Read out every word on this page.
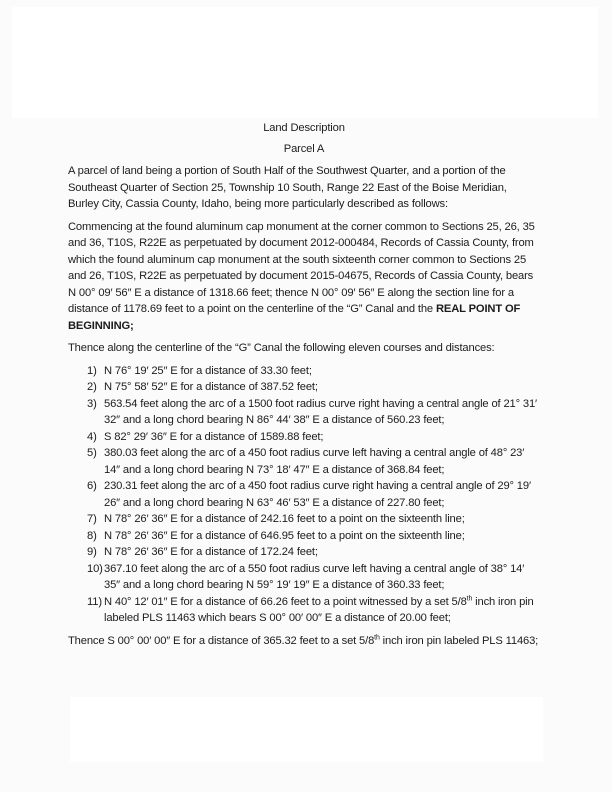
Land Description
Parcel A

A parcel of land being a portion of South Half of the Southwest Quarter, and a portion of the Southeast Quarter of Section 25, Township 10 South, Range 22 East of the Boise Meridian, Burley City, Cassia County, Idaho, being more particularly described as follows:

Commencing at the found aluminum cap monument at the corner common to Sections 25, 26, 35 and 36, T10S, R22E as perpetuated by document 2012-000484, Records of Cassia County, from which the found aluminum cap monument at the south sixteenth corner common to Sections 25 and 26, T10S, R22E as perpetuated by document 2015-04675, Records of Cassia County, bears N 00° 09′ 56″ E a distance of 1318.66 feet; thence N 00° 09′ 56″ E along the section line for a distance of 1178.69 feet to a point on the centerline of the “G” Canal and the REAL POINT OF BEGINNING;

Thence along the centerline of the “G” Canal the following eleven courses and distances:

1) N 76° 19′ 25″ E for a distance of 33.30 feet;
2) N 75° 58′ 52″ E for a distance of 387.52 feet;
3) 563.54 feet along the arc of a 1500 foot radius curve right having a central angle of 21° 31′ 32″ and a long chord bearing N 86° 44′ 38″ E a distance of 560.23 feet;
4) S 82° 29′ 36″ E for a distance of 1589.88 feet;
5) 380.03 feet along the arc of a 450 foot radius curve left having a central angle of 48° 23′ 14″ and a long chord bearing N 73° 18′ 47″ E a distance of 368.84 feet;
6) 230.31 feet along the arc of a 450 foot radius curve right having a central angle of 29° 19′ 26″ and a long chord bearing N 63° 46′ 53″ E a distance of 227.80 feet;
7) N 78° 26′ 36″ E for a distance of 242.16 feet to a point on the sixteenth line;
8) N 78° 26′ 36″ E for a distance of 646.95 feet to a point on the sixteenth line;
9) N 78° 26′ 36″ E for a distance of 172.24 feet;
10) 367.10 feet along the arc of a 550 foot radius curve left having a central angle of 38° 14′ 35″ and a long chord bearing N 59° 19′ 19″ E a distance of 360.33 feet;
11) N 40° 12′ 01″ E for a distance of 66.26 feet to a point witnessed by a set 5/8th inch iron pin labeled PLS 11463 which bears S 00° 00′ 00″ E a distance of 20.00 feet;

Thence S 00° 00′ 00″ E for a distance of 365.32 feet to a set 5/8th inch iron pin labeled PLS 11463;
